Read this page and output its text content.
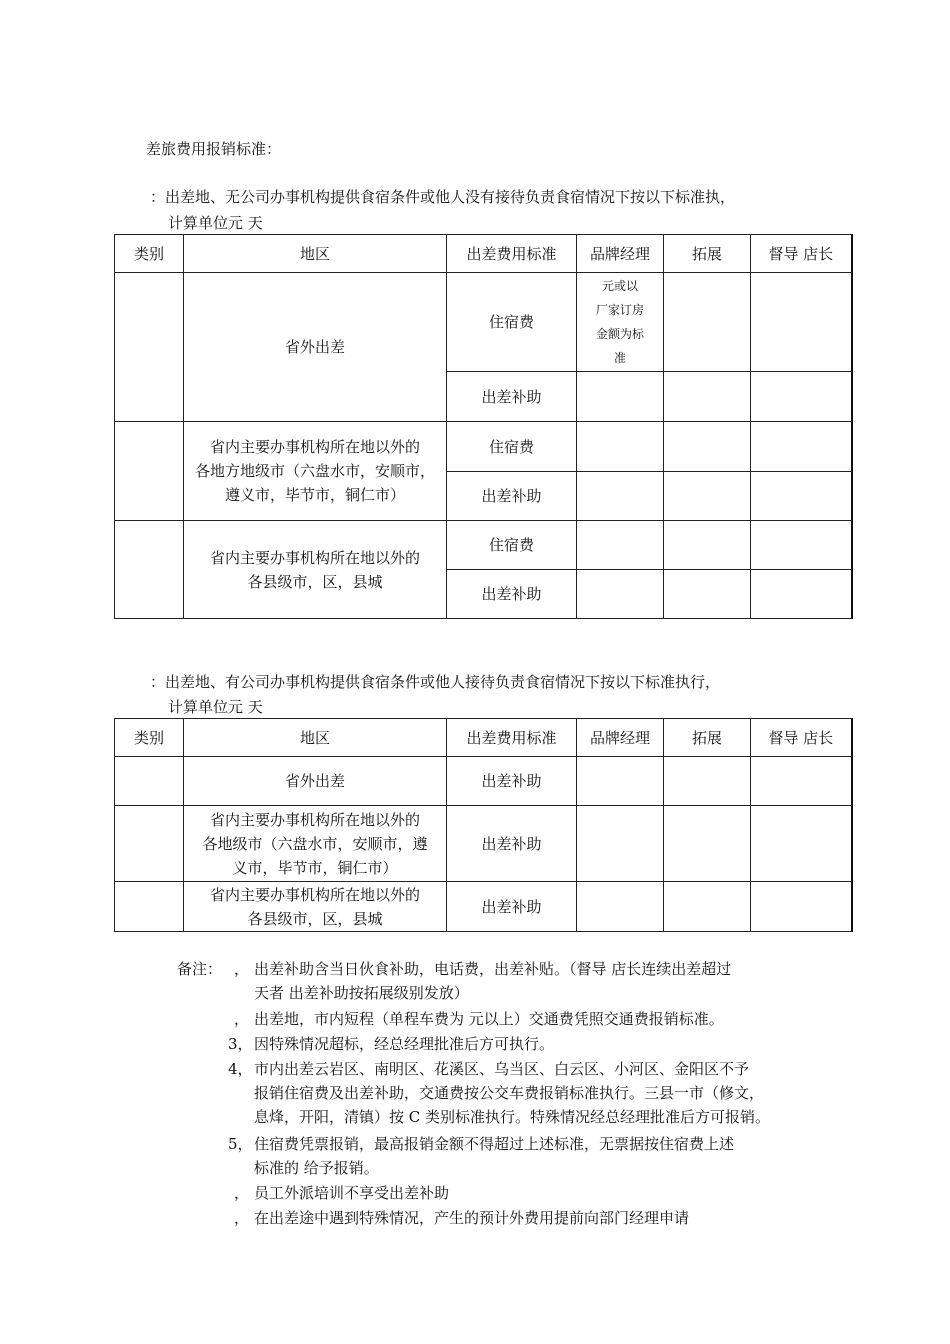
差旅费用报销标准：
：出差地、无公司办事机构提供食宿条件或他人没有接待负责食宿情况下按以下标准执，
计算单位元 天
类别	地区	出差费用标准	品牌经理	拓展	督导 店长
	省外出差	住宿费	元或以
厂家订房
金额为标
准		

		出差补助			

	省内主要办事机构所在地以外的
各地方地级市（六盘水市，安顺市，
遵义市，毕节市，铜仁市）	住宿费			
		出差补助			

	省内主要办事机构所在地以外的
各县级市，区，县城	住宿费			
		出差补助			
：出差地、有公司办事机构提供食宿条件或他人接待负责食宿情况下按以下标准执行，
计算单位元 天
类别	地区	出差费用标准	品牌经理	拓展	督导 店长
	省外出差	出差补助			

	省内主要办事机构所在地以外的
各地级市（六盘水市，安顺市，遵
义市，毕节市，铜仁市）	出差补助			

	省内主要办事机构所在地以外的
各县级市，区，县城	出差补助			
备注： ， 出差补助含当日伙食补助，电话费，出差补贴。（督导 店长连续出差超过
天者 出差补助按拓展级别发放）
， 出差地，市内短程（单程车费为 元以上）交通费凭照交通费报销标准。
3， 因特殊情况超标，经总经理批准后方可执行。
4， 市内出差云岩区、南明区、花溪区、乌当区、白云区、小河区、金阳区不予
报销住宿费及出差补助，交通费按公交车费报销标准执行。三县一市（修文，
息烽，开阳，清镇）按 C 类别标准执行。特殊情况经总经理批准后方可报销。
5， 住宿费凭票报销，最高报销金额不得超过上述标准，无票据按住宿费上述
标准的 给予报销。
， 员工外派培训不享受出差补助
， 在出差途中遇到特殊情况，产生的预计外费用提前向部门经理申请
